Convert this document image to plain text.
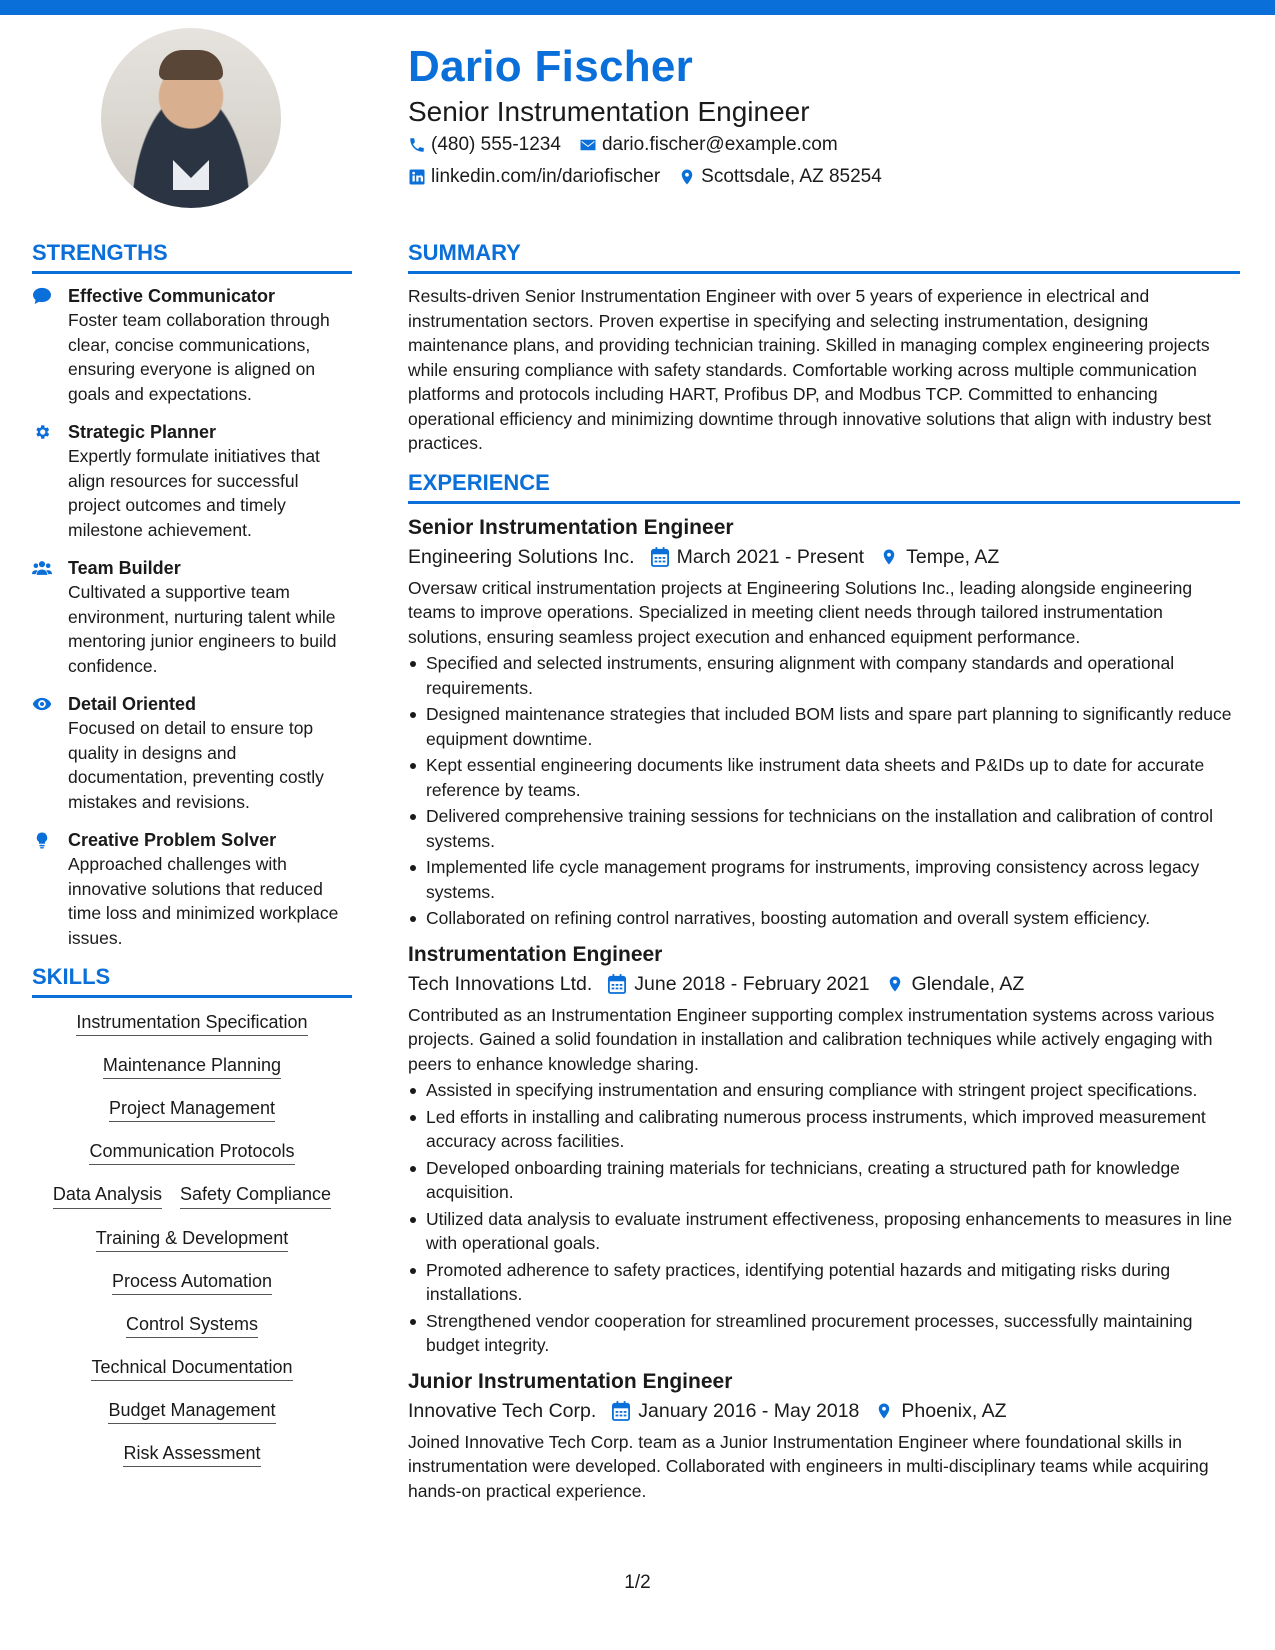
Dario Fischer
Senior Instrumentation Engineer
(480) 555-1234 dario.fischer@example.com
linkedin.com/in/dariofischer Scottsdale, AZ 85254
STRENGTHS
Effective Communicator
Foster team collaboration through clear, concise communications, ensuring everyone is aligned on goals and expectations.
Strategic Planner
Expertly formulate initiatives that align resources for successful project outcomes and timely milestone achievement.
Team Builder
Cultivated a supportive team environment, nurturing talent while mentoring junior engineers to build confidence.
Detail Oriented
Focused on detail to ensure top quality in designs and documentation, preventing costly mistakes and revisions.
Creative Problem Solver
Approached challenges with innovative solutions that reduced time loss and minimized workplace issues.
SKILLS
Instrumentation Specification
Maintenance Planning
Project Management
Communication Protocols
Data Analysis Safety Compliance
Training & Development
Process Automation
Control Systems
Technical Documentation
Budget Management
Risk Assessment
SUMMARY
Results-driven Senior Instrumentation Engineer with over 5 years of experience in electrical and instrumentation sectors. Proven expertise in specifying and selecting instrumentation, designing maintenance plans, and providing technician training. Skilled in managing complex engineering projects while ensuring compliance with safety standards. Comfortable working across multiple communication platforms and protocols including HART, Profibus DP, and Modbus TCP. Committed to enhancing operational efficiency and minimizing downtime through innovative solutions that align with industry best practices.
EXPERIENCE
Senior Instrumentation Engineer
Engineering Solutions Inc. March 2021 - Present Tempe, AZ
Oversaw critical instrumentation projects at Engineering Solutions Inc., leading alongside engineering teams to improve operations. Specialized in meeting client needs through tailored instrumentation solutions, ensuring seamless project execution and enhanced equipment performance.
Specified and selected instruments, ensuring alignment with company standards and operational requirements.
Designed maintenance strategies that included BOM lists and spare part planning to significantly reduce equipment downtime.
Kept essential engineering documents like instrument data sheets and P&IDs up to date for accurate reference by teams.
Delivered comprehensive training sessions for technicians on the installation and calibration of control systems.
Implemented life cycle management programs for instruments, improving consistency across legacy systems.
Collaborated on refining control narratives, boosting automation and overall system efficiency.
Instrumentation Engineer
Tech Innovations Ltd. June 2018 - February 2021 Glendale, AZ
Contributed as an Instrumentation Engineer supporting complex instrumentation systems across various projects. Gained a solid foundation in installation and calibration techniques while actively engaging with peers to enhance knowledge sharing.
Assisted in specifying instrumentation and ensuring compliance with stringent project specifications.
Led efforts in installing and calibrating numerous process instruments, which improved measurement accuracy across facilities.
Developed onboarding training materials for technicians, creating a structured path for knowledge acquisition.
Utilized data analysis to evaluate instrument effectiveness, proposing enhancements to measures in line with operational goals.
Promoted adherence to safety practices, identifying potential hazards and mitigating risks during installations.
Strengthened vendor cooperation for streamlined procurement processes, successfully maintaining budget integrity.
Junior Instrumentation Engineer
Innovative Tech Corp. January 2016 - May 2018 Phoenix, AZ
Joined Innovative Tech Corp. team as a Junior Instrumentation Engineer where foundational skills in instrumentation were developed. Collaborated with engineers in multi-disciplinary teams while acquiring hands-on practical experience.
1/2
